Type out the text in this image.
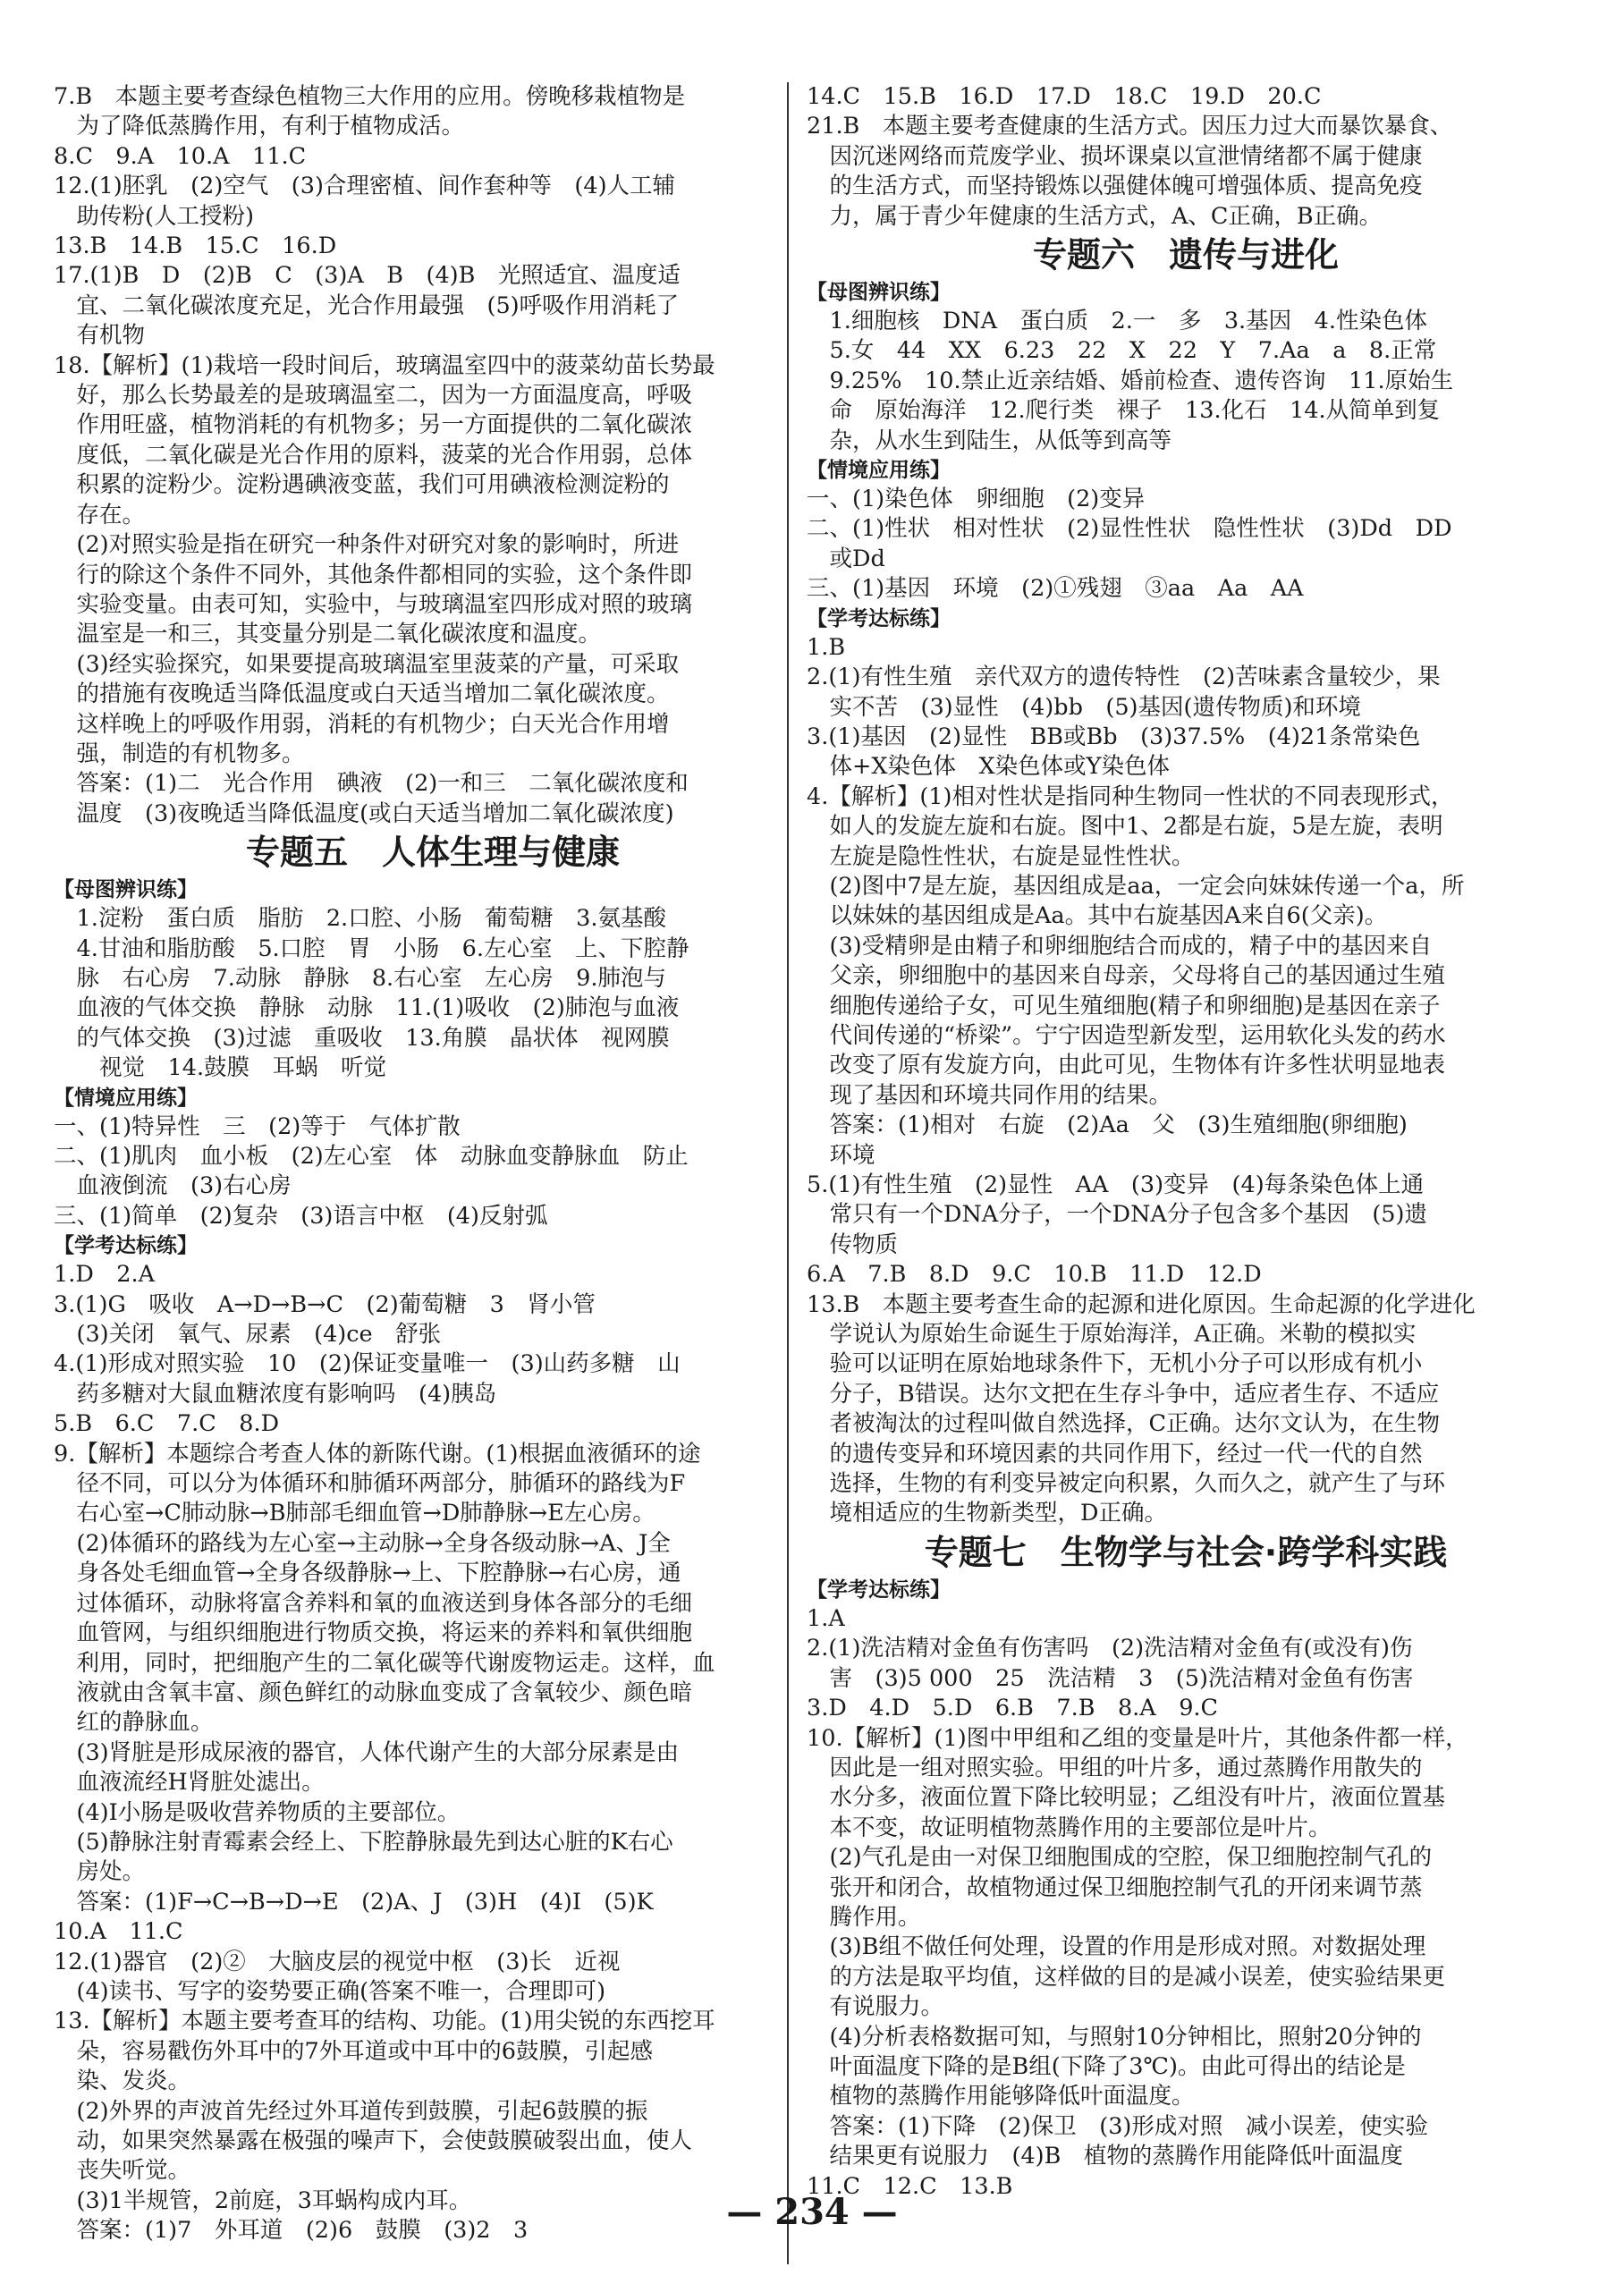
7.B　本题主要考查绿色植物三大作用的应用。傍晚移栽植物是
　为了降低蒸腾作用，有利于植物成活。
8.C　9.A　10.A　11.C
12.(1)胚乳　(2)空气　(3)合理密植、间作套种等　(4)人工辅
　助传粉(人工授粉)
13.B　14.B　15.C　16.D
17.(1)B　D　(2)B　C　(3)A　B　(4)B　光照适宜、温度适
　宜、二氧化碳浓度充足，光合作用最强　(5)呼吸作用消耗了
　有机物
18.【解析】(1)栽培一段时间后，玻璃温室四中的菠菜幼苗长势最
　好，那么长势最差的是玻璃温室二，因为一方面温度高，呼吸
　作用旺盛，植物消耗的有机物多；另一方面提供的二氧化碳浓
　度低，二氧化碳是光合作用的原料，菠菜的光合作用弱，总体
　积累的淀粉少。淀粉遇碘液变蓝，我们可用碘液检测淀粉的
　存在。
　(2)对照实验是指在研究一种条件对研究对象的影响时，所进
　行的除这个条件不同外，其他条件都相同的实验，这个条件即
　实验变量。由表可知，实验中，与玻璃温室四形成对照的玻璃
　温室是一和三，其变量分别是二氧化碳浓度和温度。
　(3)经实验探究，如果要提高玻璃温室里菠菜的产量，可采取
　的措施有夜晚适当降低温度或白天适当增加二氧化碳浓度。
　这样晚上的呼吸作用弱，消耗的有机物少；白天光合作用增
　强，制造的有机物多。
　答案：(1)二　光合作用　碘液　(2)一和三　二氧化碳浓度和
　温度　(3)夜晚适当降低温度(或白天适当增加二氧化碳浓度)
专题五　人体生理与健康
【母图辨识练】
　1.淀粉　蛋白质　脂肪　2.口腔、小肠　葡萄糖　3.氨基酸
　4.甘油和脂肪酸　5.口腔　胃　小肠　6.左心室　上、下腔静
　脉　右心房　7.动脉　静脉　8.右心室　左心房　9.肺泡与
　血液的气体交换　静脉　动脉　11.(1)吸收　(2)肺泡与血液
　的气体交换　(3)过滤　重吸收　13.角膜　晶状体　视网膜
　　视觉　14.鼓膜　耳蜗　听觉
【情境应用练】
一、(1)特异性　三　(2)等于　气体扩散
二、(1)肌肉　血小板　(2)左心室　体　动脉血变静脉血　防止
　血液倒流　(3)右心房
三、(1)简单　(2)复杂　(3)语言中枢　(4)反射弧
【学考达标练】
1.D　2.A
3.(1)G　吸收　A→D→B→C　(2)葡萄糖　3　肾小管
　(3)关闭　氧气、尿素　(4)ce　舒张
4.(1)形成对照实验　10　(2)保证变量唯一　(3)山药多糖　山
　药多糖对大鼠血糖浓度有影响吗　(4)胰岛
5.B　6.C　7.C　8.D
9.【解析】本题综合考查人体的新陈代谢。(1)根据血液循环的途
　径不同，可以分为体循环和肺循环两部分，肺循环的路线为F
　右心室→C肺动脉→B肺部毛细血管→D肺静脉→E左心房。
　(2)体循环的路线为左心室→主动脉→全身各级动脉→A、J全
　身各处毛细血管→全身各级静脉→上、下腔静脉→右心房，通
　过体循环，动脉将富含养料和氧的血液送到身体各部分的毛细
　血管网，与组织细胞进行物质交换，将运来的养料和氧供细胞
　利用，同时，把细胞产生的二氧化碳等代谢废物运走。这样，血
　液就由含氧丰富、颜色鲜红的动脉血变成了含氧较少、颜色暗
　红的静脉血。
　(3)肾脏是形成尿液的器官，人体代谢产生的大部分尿素是由
　血液流经H肾脏处滤出。
　(4)I小肠是吸收营养物质的主要部位。
　(5)静脉注射青霉素会经上、下腔静脉最先到达心脏的K右心
　房处。
　答案：(1)F→C→B→D→E　(2)A、J　(3)H　(4)I　(5)K
10.A　11.C
12.(1)器官　(2)②　大脑皮层的视觉中枢　(3)长　近视
　(4)读书、写字的姿势要正确(答案不唯一，合理即可)
13.【解析】本题主要考查耳的结构、功能。(1)用尖锐的东西挖耳
　朵，容易戳伤外耳中的7外耳道或中耳中的6鼓膜，引起感
　染、发炎。
　(2)外界的声波首先经过外耳道传到鼓膜，引起6鼓膜的振
　动，如果突然暴露在极强的噪声下，会使鼓膜破裂出血，使人
　丧失听觉。
　(3)1半规管，2前庭，3耳蜗构成内耳。
　答案：(1)7　外耳道　(2)6　鼓膜　(3)2　3
14.C　15.B　16.D　17.D　18.C　19.D　20.C
21.B　本题主要考查健康的生活方式。因压力过大而暴饮暴食、
　因沉迷网络而荒废学业、损坏课桌以宣泄情绪都不属于健康
　的生活方式，而坚持锻炼以强健体魄可增强体质、提高免疫
　力，属于青少年健康的生活方式，A、C正确，B正确。
专题六　遗传与进化
【母图辨识练】
　1.细胞核　DNA　蛋白质　2.一　多　3.基因　4.性染色体
　5.女　44　XX　6.23　22　X　22　Y　7.Aa　a　8.正常
　9.25%　10.禁止近亲结婚、婚前检查、遗传咨询　11.原始生
　命　原始海洋　12.爬行类　裸子　13.化石　14.从简单到复
　杂，从水生到陆生，从低等到高等
【情境应用练】
一、(1)染色体　卵细胞　(2)变异
二、(1)性状　相对性状　(2)显性性状　隐性性状　(3)Dd　DD
　或Dd
三、(1)基因　环境　(2)①残翅　③aa　Aa　AA
【学考达标练】
1.B
2.(1)有性生殖　亲代双方的遗传特性　(2)苦味素含量较少，果
　实不苦　(3)显性　(4)bb　(5)基因(遗传物质)和环境
3.(1)基因　(2)显性　BB或Bb　(3)37.5%　(4)21条常染色
　体+X染色体　X染色体或Y染色体
4.【解析】(1)相对性状是指同种生物同一性状的不同表现形式，
　如人的发旋左旋和右旋。图中1、2都是右旋，5是左旋，表明
　左旋是隐性性状，右旋是显性性状。
　(2)图中7是左旋，基因组成是aa，一定会向妹妹传递一个a，所
　以妹妹的基因组成是Aa。其中右旋基因A来自6(父亲)。
　(3)受精卵是由精子和卵细胞结合而成的，精子中的基因来自
　父亲，卵细胞中的基因来自母亲，父母将自己的基因通过生殖
　细胞传递给子女，可见生殖细胞(精子和卵细胞)是基因在亲子
　代间传递的“桥梁”。宁宁因造型新发型，运用软化头发的药水
　改变了原有发旋方向，由此可见，生物体有许多性状明显地表
　现了基因和环境共同作用的结果。
　答案：(1)相对　右旋　(2)Aa　父　(3)生殖细胞(卵细胞)
　环境
5.(1)有性生殖　(2)显性　AA　(3)变异　(4)每条染色体上通
　常只有一个DNA分子，一个DNA分子包含多个基因　(5)遗
　传物质
6.A　7.B　8.D　9.C　10.B　11.D　12.D
13.B　本题主要考查生命的起源和进化原因。生命起源的化学进化
　学说认为原始生命诞生于原始海洋，A正确。米勒的模拟实
　验可以证明在原始地球条件下，无机小分子可以形成有机小
　分子，B错误。达尔文把在生存斗争中，适应者生存、不适应
　者被淘汰的过程叫做自然选择，C正确。达尔文认为，在生物
　的遗传变异和环境因素的共同作用下，经过一代一代的自然
　选择，生物的有利变异被定向积累，久而久之，就产生了与环
　境相适应的生物新类型，D正确。
专题七　生物学与社会·跨学科实践
【学考达标练】
1.A
2.(1)洗洁精对金鱼有伤害吗　(2)洗洁精对金鱼有(或没有)伤
　害　(3)5 000　25　洗洁精　3　(5)洗洁精对金鱼有伤害
3.D　4.D　5.D　6.B　7.B　8.A　9.C
10.【解析】(1)图中甲组和乙组的变量是叶片，其他条件都一样，
　因此是一组对照实验。甲组的叶片多，通过蒸腾作用散失的
　水分多，液面位置下降比较明显；乙组没有叶片，液面位置基
　本不变，故证明植物蒸腾作用的主要部位是叶片。
　(2)气孔是由一对保卫细胞围成的空腔，保卫细胞控制气孔的
　张开和闭合，故植物通过保卫细胞控制气孔的开闭来调节蒸
　腾作用。
　(3)B组不做任何处理，设置的作用是形成对照。对数据处理
　的方法是取平均值，这样做的目的是减小误差，使实验结果更
　有说服力。
　(4)分析表格数据可知，与照射10分钟相比，照射20分钟的
　叶面温度下降的是B组(下降了3℃)。由此可得出的结论是
　植物的蒸腾作用能够降低叶面温度。
　答案：(1)下降　(2)保卫　(3)形成对照　减小误差，使实验
　结果更有说服力　(4)B　植物的蒸腾作用能降低叶面温度
11.C　12.C　13.B
— 234 —
